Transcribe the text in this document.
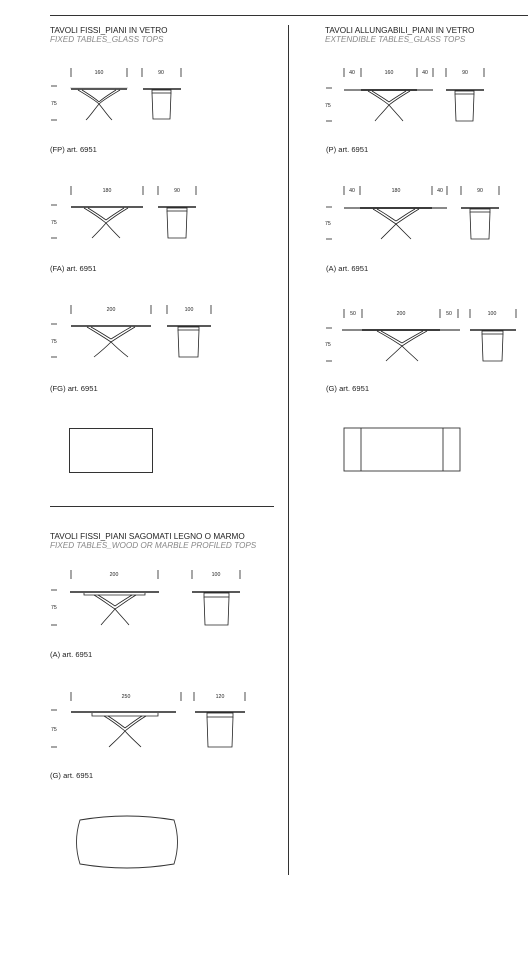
TAVOLI FISSI_PIANI IN VETRO
FIXED TABLES_GLASS TOPS
160	90
75
(FP) art. 6951
180	90
75
(FA) art. 6951
200	100
75
(FG) art. 6951
TAVOLI FISSI_PIANI SAGOMATI LEGNO O MARMO
FIXED TABLES_WOOD OR MARBLE PROFILED TOPS
200	100
75
(A) art. 6951
250	120
75
(G) art. 6951
TAVOLI ALLUNGABILI_PIANI IN VETRO
EXTENDIBLE TABLES_GLASS TOPS
40	160	40	90
75
(P) art. 6951
40	180	40	90
75
(A) art. 6951
50	200	50	100
75
(G) art. 6951
